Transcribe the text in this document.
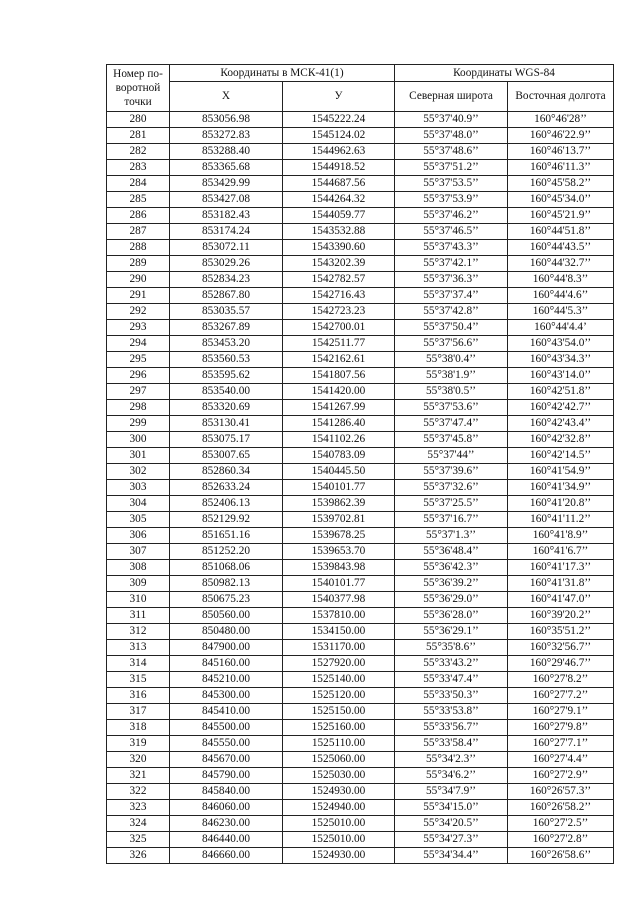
Номер по-воротной точки	Координаты в МСК-41(1)		Координаты WGS-84	
	X	У	Северная широта	Восточная долгота
280	853056.98	1545222.24	55°37'40.9’’	160°46'28’’
281	853272.83	1545124.02	55°37'48.0’’	160°46'22.9’’
282	853288.40	1544962.63	55°37'48.6’’	160°46'13.7’’
283	853365.68	1544918.52	55°37'51.2’’	160°46'11.3’’
284	853429.99	1544687.56	55°37'53.5’’	160°45'58.2’’
285	853427.08	1544264.32	55°37'53.9’’	160°45'34.0’’
286	853182.43	1544059.77	55°37'46.2’’	160°45'21.9’’
287	853174.24	1543532.88	55°37'46.5’’	160°44'51.8’’
288	853072.11	1543390.60	55°37'43.3’’	160°44'43.5’’
289	853029.26	1543202.39	55°37'42.1’’	160°44'32.7’’
290	852834.23	1542782.57	55°37'36.3’’	160°44'8.3’’
291	852867.80	1542716.43	55°37'37.4’’	160°44'4.6’’
292	853035.57	1542723.23	55°37'42.8’’	160°44'5.3’’
293	853267.89	1542700.01	55°37'50.4’’	160°44'4.4’
294	853453.20	1542511.77	55°37'56.6’’	160°43'54.0’’
295	853560.53	1542162.61	55°38'0.4’’	160°43'34.3’’
296	853595.62	1541807.56	55°38'1.9’’	160°43'14.0’’
297	853540.00	1541420.00	55°38'0.5’’	160°42'51.8’’
298	853320.69	1541267.99	55°37'53.6’’	160°42'42.7’’
299	853130.41	1541286.40	55°37'47.4’’	160°42'43.4’’
300	853075.17	1541102.26	55°37'45.8’’	160°42'32.8’’
301	853007.65	1540783.09	55°37'44’’	160°42'14.5’’
302	852860.34	1540445.50	55°37'39.6’’	160°41'54.9’’
303	852633.24	1540101.77	55°37'32.6’’	160°41'34.9’’
304	852406.13	1539862.39	55°37'25.5’’	160°41'20.8’’
305	852129.92	1539702.81	55°37'16.7’’	160°41'11.2’’
306	851651.16	1539678.25	55°37'1.3’’	160°41'8.9’’
307	851252.20	1539653.70	55°36'48.4’’	160°41'6.7’’
308	851068.06	1539843.98	55°36'42.3’’	160°41'17.3’’
309	850982.13	1540101.77	55°36'39.2’’	160°41'31.8’’
310	850675.23	1540377.98	55°36'29.0’’	160°41'47.0’’
311	850560.00	1537810.00	55°36'28.0’’	160°39'20.2’’
312	850480.00	1534150.00	55°36'29.1’’	160°35'51.2’’
313	847900.00	1531170.00	55°35'8.6’’	160°32'56.7’’
314	845160.00	1527920.00	55°33'43.2’’	160°29'46.7’’
315	845210.00	1525140.00	55°33'47.4’’	160°27'8.2’’
316	845300.00	1525120.00	55°33'50.3’’	160°27'7.2’’
317	845410.00	1525150.00	55°33'53.8’’	160°27'9.1’’
318	845500.00	1525160.00	55°33'56.7’’	160°27'9.8’’
319	845550.00	1525110.00	55°33'58.4’’	160°27'7.1’’
320	845670.00	1525060.00	55°34'2.3’’	160°27'4.4’’
321	845790.00	1525030.00	55°34'6.2’’	160°27'2.9’’
322	845840.00	1524930.00	55°34'7.9’’	160°26'57.3’’
323	846060.00	1524940.00	55°34'15.0’’	160°26'58.2’’
324	846230.00	1525010.00	55°34'20.5’’	160°27'2.5’’
325	846440.00	1525010.00	55°34'27.3’’	160°27'2.8’’
326	846660.00	1524930.00	55°34'34.4’’	160°26'58.6’’
